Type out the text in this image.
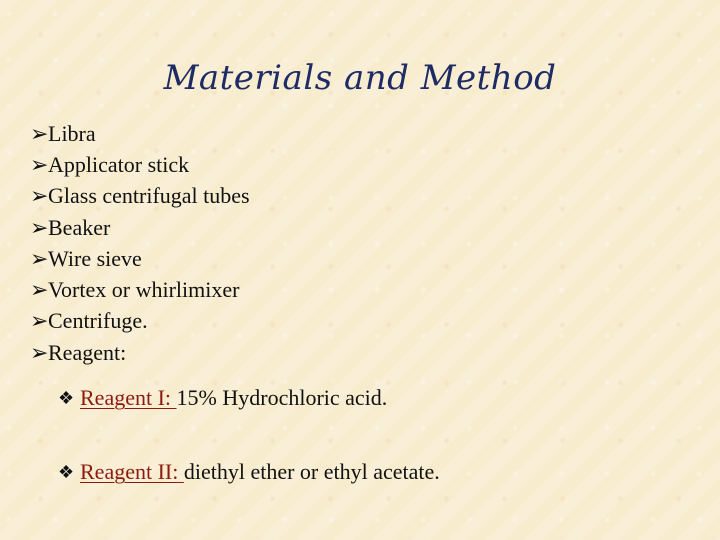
Materials and Method
➢ Libra
➢ Applicator stick
➢ Glass centrifugal tubes
➢ Beaker
➢ Wire sieve
➢ Vortex or whirlimixer
➢ Centrifuge.
➢ Reagent:
❖ Reagent I: 15% Hydrochloric acid.
❖ Reagent II: diethyl ether or ethyl acetate.
